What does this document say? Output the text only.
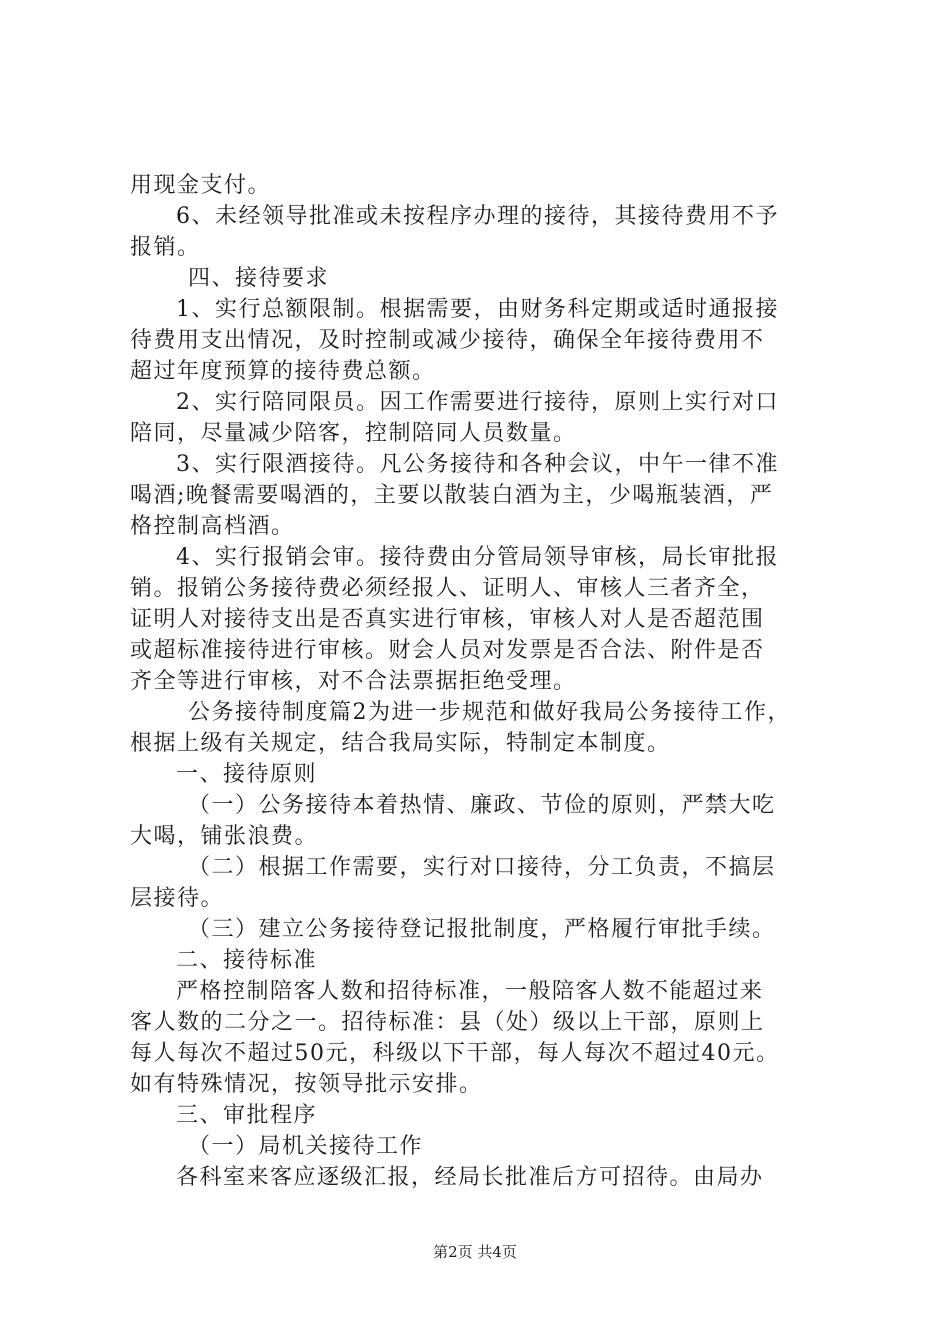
用现金支付。
6、未经领导批准或未按程序办理的接待，其接待费用不予
报销。
四、接待要求
1、实行总额限制。根据需要，由财务科定期或适时通报接
待费用支出情况，及时控制或减少接待，确保全年接待费用不
超过年度预算的接待费总额。
2、实行陪同限员。因工作需要进行接待，原则上实行对口
陪同，尽量减少陪客，控制陪同人员数量。
3、实行限酒接待。凡公务接待和各种会议，中午一律不准
喝酒;晚餐需要喝酒的，主要以散装白酒为主，少喝瓶装酒，严
格控制高档酒。
4、实行报销会审。接待费由分管局领导审核，局长审批报
销。报销公务接待费必须经报人、证明人、审核人三者齐全，
证明人对接待支出是否真实进行审核，审核人对人是否超范围
或超标准接待进行审核。财会人员对发票是否合法、附件是否
齐全等进行审核，对不合法票据拒绝受理。
公务接待制度篇2为进一步规范和做好我局公务接待工作，
根据上级有关规定，结合我局实际，特制定本制度。
一、接待原则
（一）公务接待本着热情、廉政、节俭的原则，严禁大吃
大喝，铺张浪费。
（二）根据工作需要，实行对口接待，分工负责，不搞层
层接待。
（三）建立公务接待登记报批制度，严格履行审批手续。
二、接待标准
严格控制陪客人数和招待标准，一般陪客人数不能超过来
客人数的二分之一。招待标准：县（处）级以上干部，原则上
每人每次不超过50元，科级以下干部，每人每次不超过40元。
如有特殊情况，按领导批示安排。
三、审批程序
（一）局机关接待工作
各科室来客应逐级汇报，经局长批准后方可招待。由局办
第2页 共4页
